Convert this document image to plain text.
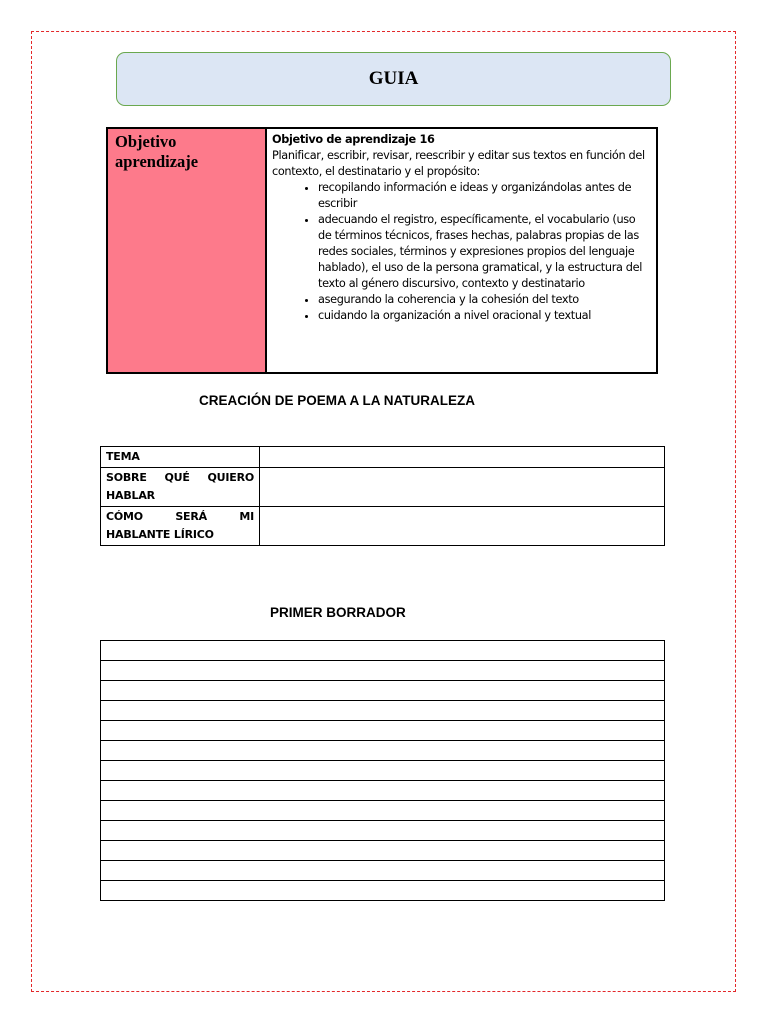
GUIA
Objetivo
aprendizaje
Objetivo de aprendizaje 16
Planificar, escribir, revisar, reescribir y editar sus textos en función del contexto, el destinatario y el propósito:
• recopilando información e ideas y organizándolas antes de escribir
• adecuando el registro, específicamente, el vocabulario (uso de términos técnicos, frases hechas, palabras propias de las redes sociales, términos y expresiones propios del lenguaje hablado), el uso de la persona gramatical, y la estructura del texto al género discursivo, contexto y destinatario
• asegurando la coherencia y la cohesión del texto
• cuidando la organización a nivel oracional y textual
CREACIÓN DE POEMA A LA NATURALEZA
TEMA	

SOBRE QUÉ QUIERO
HABLAR	

CÓMO SERÁ MI
HABLANTE LÍRICO	

PRIMER BORRADOR
